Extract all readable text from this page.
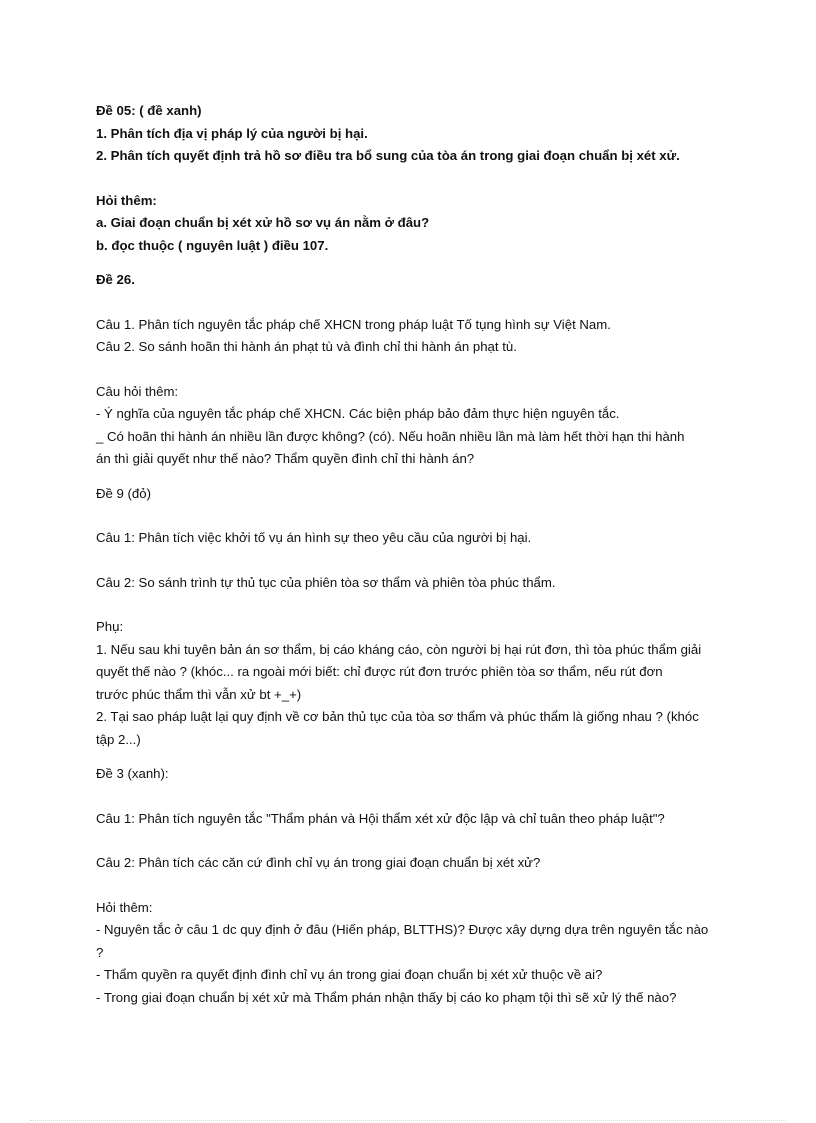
Đề 05: ( đề xanh)
1. Phân tích địa vị pháp lý của người bị hại.
2. Phân tích quyết định trả hồ sơ điều tra bổ sung của tòa án trong giai đoạn chuẩn bị xét xử.
Hỏi thêm:
a. Giai đoạn chuẩn bị xét xử hồ sơ vụ án nằm ở đâu?
b. đọc thuộc ( nguyên luật ) điều 107.
Đề 26.
Câu 1. Phân tích nguyên tắc pháp chế XHCN trong pháp luật Tố tụng hình sự Việt Nam.
Câu 2. So sánh hoãn thi hành án phạt tù và đình chỉ thi hành án phạt tù.
Câu hỏi thêm:
- Ý nghĩa của nguyên tắc pháp chế XHCN. Các biện pháp bảo đảm thực hiện nguyên tắc.
_ Có hoãn thi hành án nhiều lần được không? (có). Nếu hoãn nhiều lần mà làm hết thời hạn thi hành
án thì giải quyết như thế nào? Thẩm quyền đình chỉ thi hành án?
Đề 9 (đỏ)
Câu 1: Phân tích việc khởi tố vụ án hình sự theo yêu cầu của người bị hại.
Câu 2: So sánh trình tự thủ tục của phiên tòa sơ thẩm và phiên tòa phúc thẩm.
Phụ:
1. Nếu sau khi tuyên bản án sơ thẩm, bị cáo kháng cáo, còn người bị hại rút đơn, thì tòa phúc thẩm giải
quyết thế nào ? (khóc... ra ngoài mới biết: chỉ được rút đơn trước phiên tòa sơ thẩm, nếu rút đơn
trước phúc thẩm thì vẫn xử bt +_+)
2. Tại sao pháp luật lại quy định về cơ bản thủ tục của tòa sơ thẩm và phúc thẩm là giống nhau ? (khóc
tập 2...)
Đề 3 (xanh):
Câu 1: Phân tích nguyên tắc "Thẩm phán và Hội thẩm xét xử độc lập và chỉ tuân theo pháp luật"?
Câu 2: Phân tích các căn cứ đình chỉ vụ án trong giai đoạn chuẩn bị xét xử?
Hỏi thêm:
- Nguyên tắc ở câu 1 dc quy định ở đâu (Hiến pháp, BLTTHS)? Được xây dựng dựa trên nguyên tắc nào
?
- Thẩm quyền ra quyết định đình chỉ vụ án trong giai đoạn chuẩn bị xét xử thuộc về ai?
- Trong giai đoạn chuẩn bị xét xử mà Thẩm phán nhận thấy bị cáo ko phạm tội thì sẽ xử lý thế nào?
